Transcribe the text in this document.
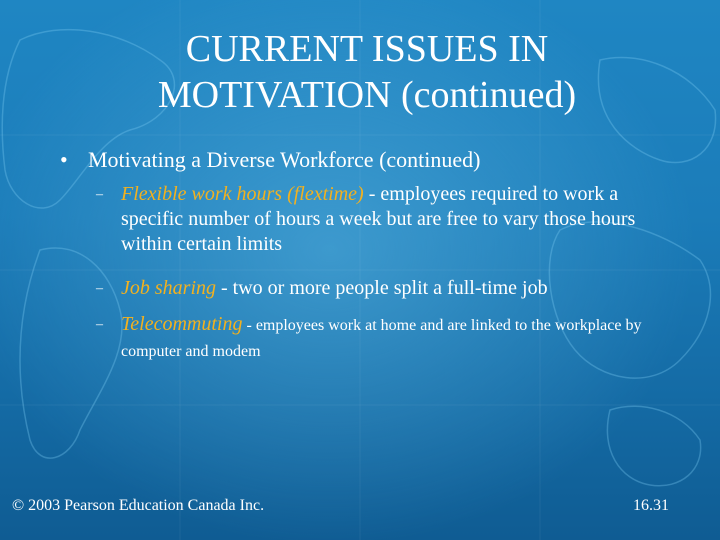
CURRENT ISSUES IN
MOTIVATION (continued)
• Motivating a Diverse Workforce (continued)
– Flexible work hours (flextime) - employees required to work a specific number of hours a week but are free to vary those hours within certain limits
– Job sharing - two or more people split a full-time job
– Telecommuting - employees work at home and are linked to the workplace by computer and modem
© 2003 Pearson Education Canada Inc.	16.31
